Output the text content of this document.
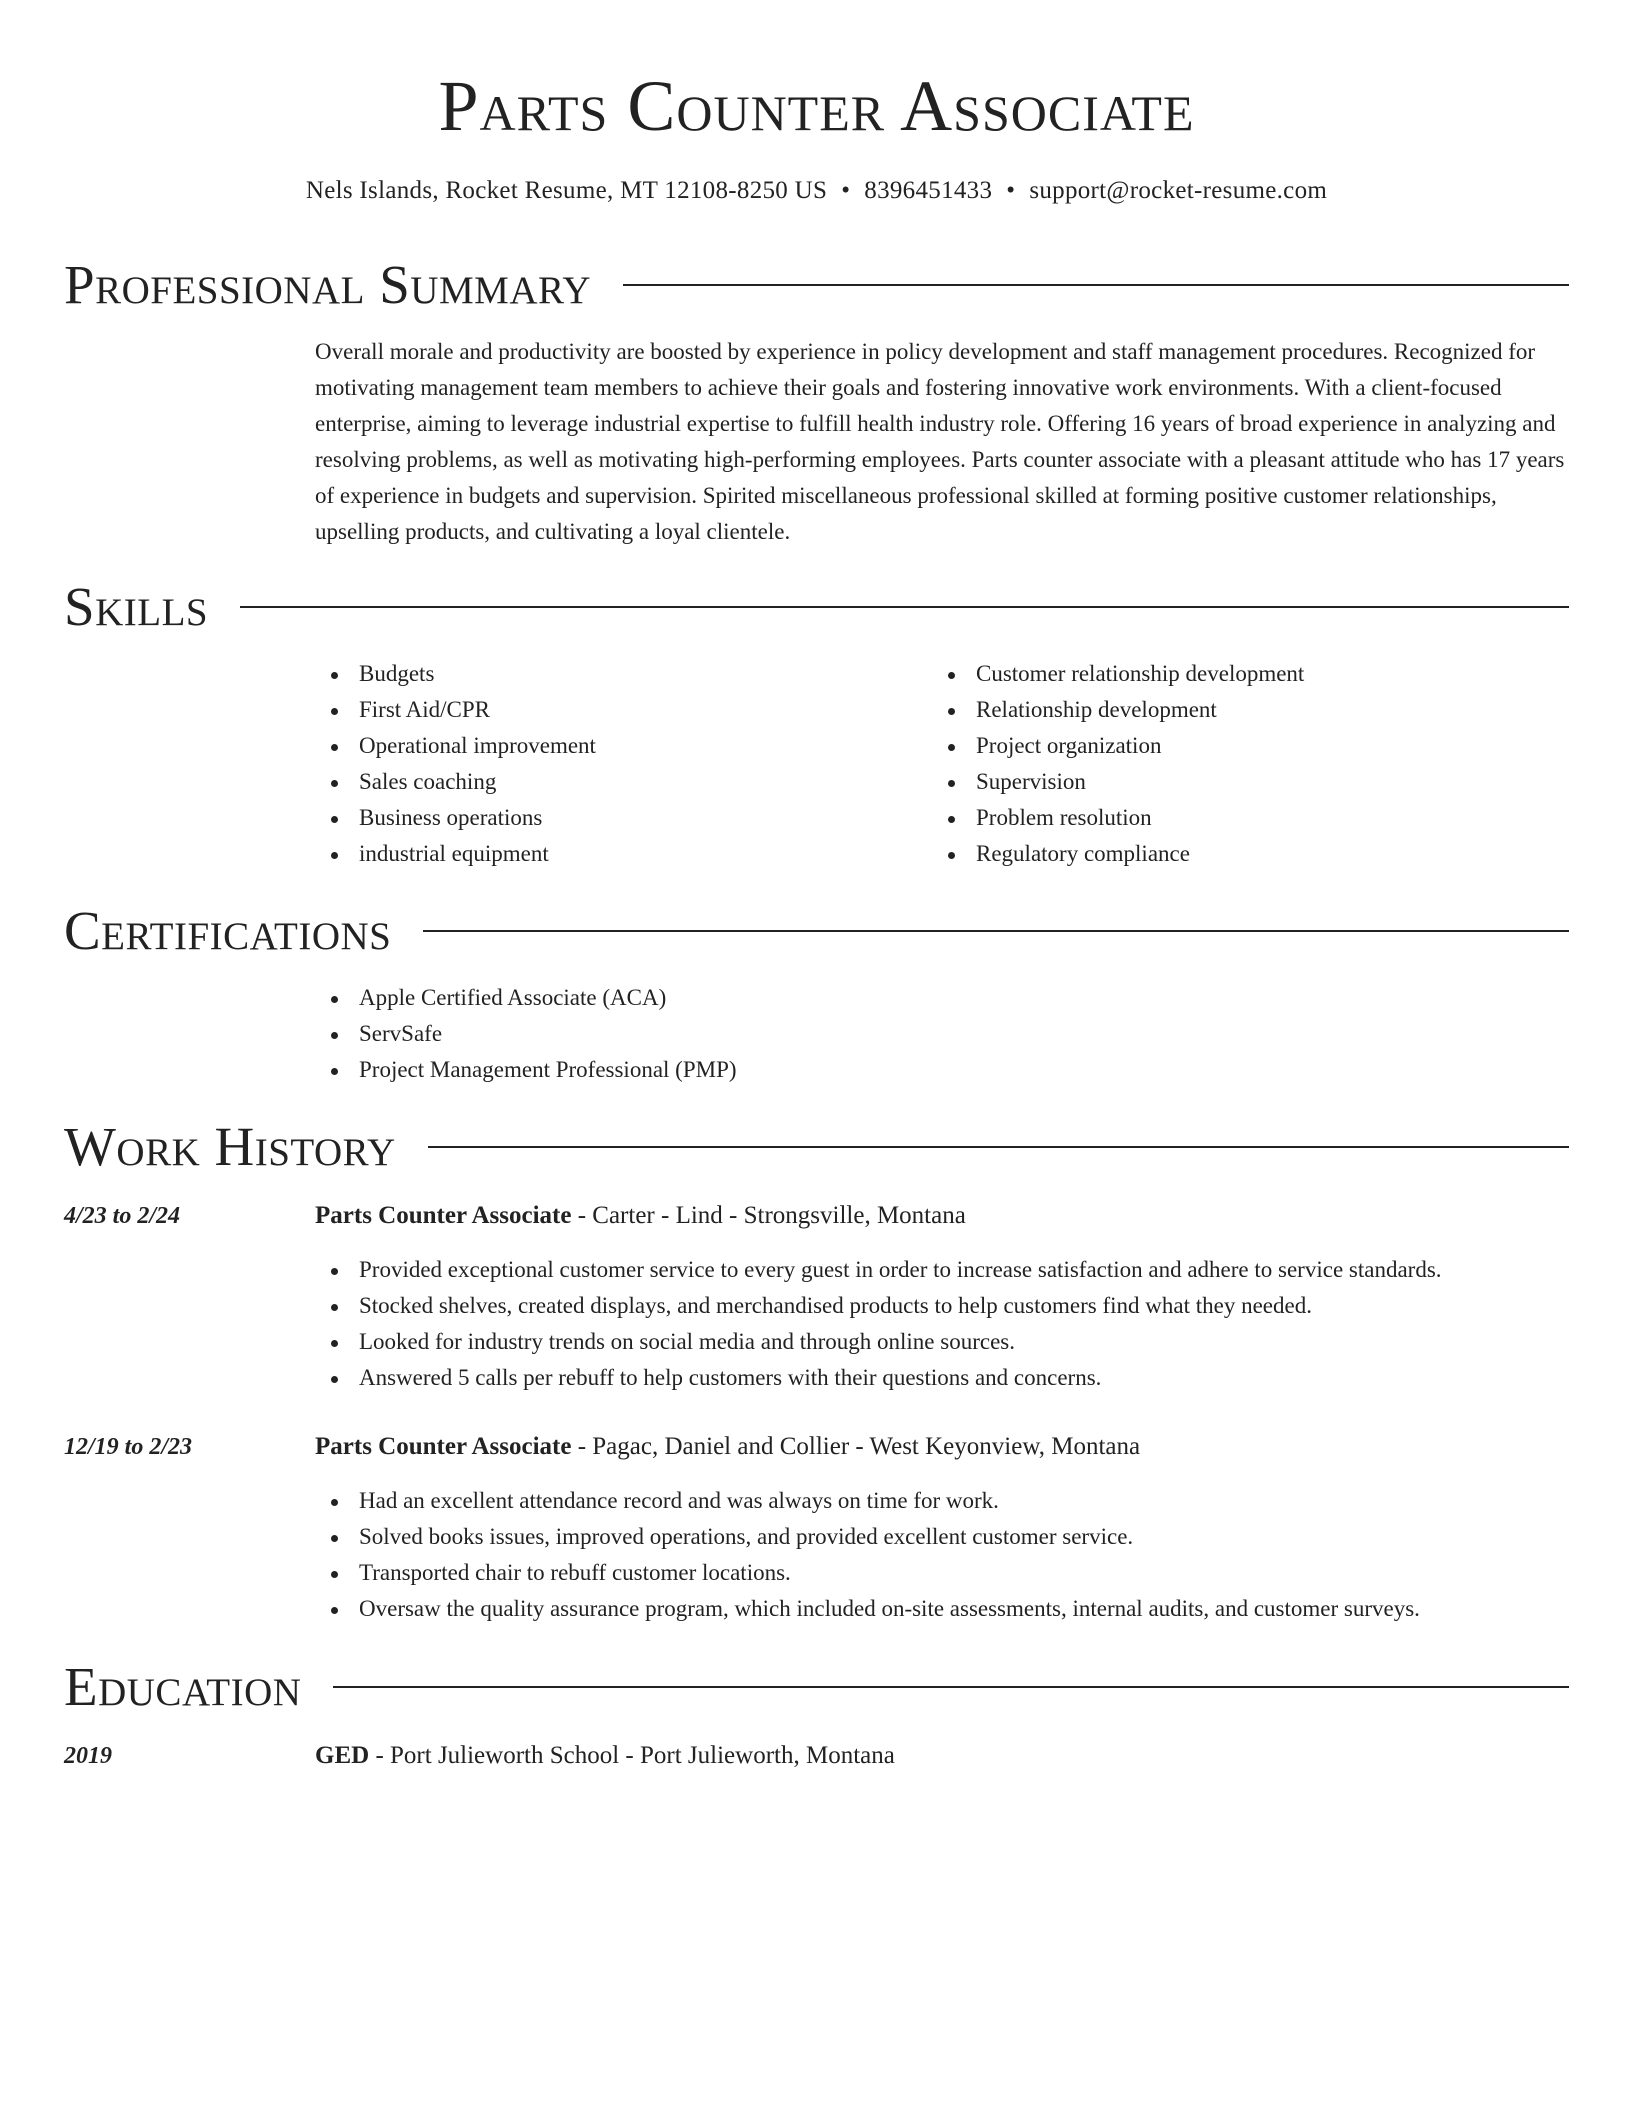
Parts Counter Associate
Nels Islands, Rocket Resume, MT 12108-8250 US • 8396451433 • support@rocket-resume.com
Professional Summary

Overall morale and productivity are boosted by experience in policy development and staff management procedures. Recognized for motivating management team members to achieve their goals and fostering innovative work environments. With a client-focused enterprise, aiming to leverage industrial expertise to fulfill health industry role. Offering 16 years of broad experience in analyzing and resolving problems, as well as motivating high-performing employees. Parts counter associate with a pleasant attitude who has 17 years of experience in budgets and supervision. Spirited miscellaneous professional skilled at forming positive customer relationships, upselling products, and cultivating a loyal clientele.

Skills
Budgets
First Aid/CPR
Operational improvement
Sales coaching
Business operations
industrial equipment
Customer relationship development
Relationship development
Project organization
Supervision
Problem resolution
Regulatory compliance
Certifications
Apple Certified Associate (ACA)
ServSafe
Project Management Professional (PMP)
Work History
4/23 to 2/24	Parts Counter Associate - Carter - Lind - Strongsville, Montana
Provided exceptional customer service to every guest in order to increase satisfaction and adhere to service standards.
Stocked shelves, created displays, and merchandised products to help customers find what they needed.
Looked for industry trends on social media and through online sources.
Answered 5 calls per rebuff to help customers with their questions and concerns.
12/19 to 2/23	Parts Counter Associate - Pagac, Daniel and Collier - West Keyonview, Montana
Had an excellent attendance record and was always on time for work.
Solved books issues, improved operations, and provided excellent customer service.
Transported chair to rebuff customer locations.
Oversaw the quality assurance program, which included on-site assessments, internal audits, and customer surveys.
Education
2019	GED - Port Julieworth School - Port Julieworth, Montana
